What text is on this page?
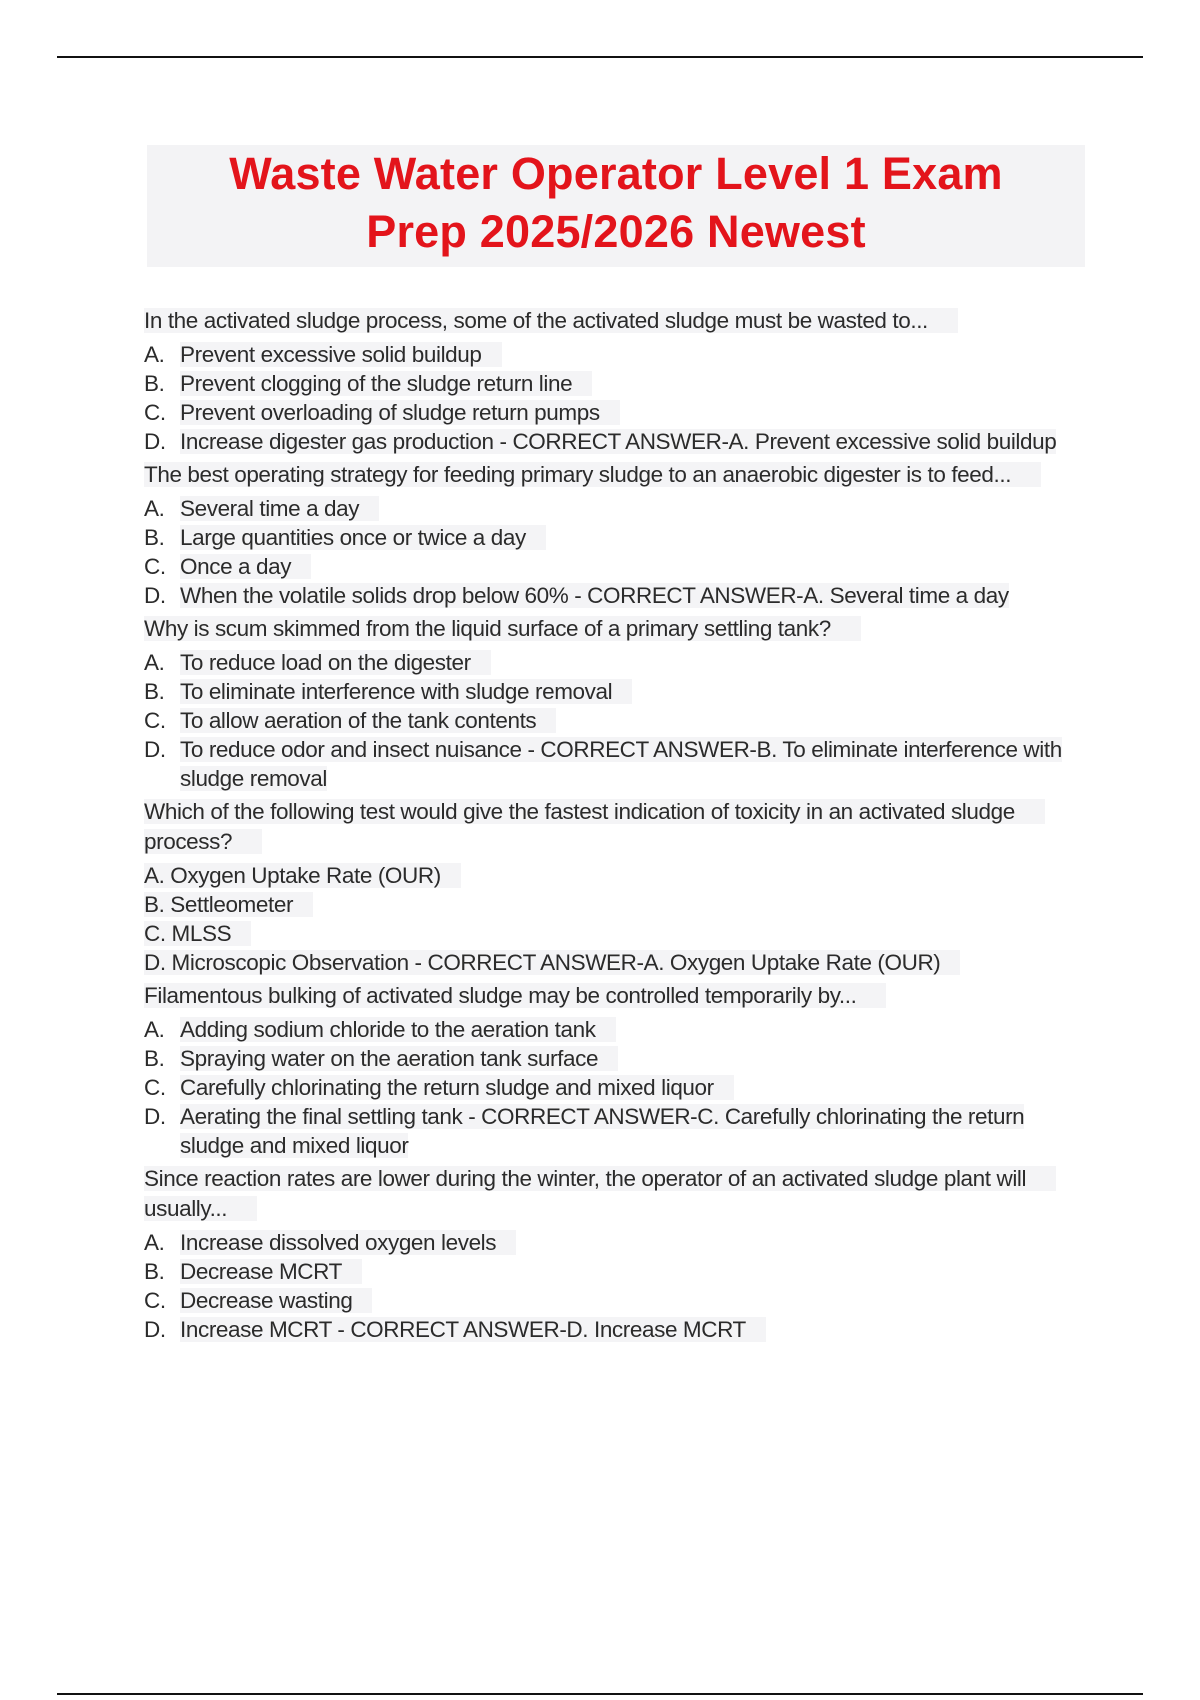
Waste Water Operator Level 1 Exam
Prep 2025/2026 Newest
In the activated sludge process, some of the activated sludge must be wasted to...
A. Prevent excessive solid buildup
B. Prevent clogging of the sludge return line
C. Prevent overloading of sludge return pumps
D. Increase digester gas production - CORRECT ANSWER-A. Prevent excessive solid buildup
The best operating strategy for feeding primary sludge to an anaerobic digester is to feed...
A. Several time a day
B. Large quantities once or twice a day
C. Once a day
D. When the volatile solids drop below 60% - CORRECT ANSWER-A. Several time a day
Why is scum skimmed from the liquid surface of a primary settling tank?
A. To reduce load on the digester
B. To eliminate interference with sludge removal
C. To allow aeration of the tank contents
D. To reduce odor and insect nuisance - CORRECT ANSWER-B. To eliminate interference with sludge removal
Which of the following test would give the fastest indication of toxicity in an activated sludge process?
A. Oxygen Uptake Rate (OUR)
B. Settleometer
C. MLSS
D. Microscopic Observation - CORRECT ANSWER-A. Oxygen Uptake Rate (OUR)
Filamentous bulking of activated sludge may be controlled temporarily by...
A. Adding sodium chloride to the aeration tank
B. Spraying water on the aeration tank surface
C. Carefully chlorinating the return sludge and mixed liquor
D. Aerating the final settling tank - CORRECT ANSWER-C. Carefully chlorinating the return sludge and mixed liquor
Since reaction rates are lower during the winter, the operator of an activated sludge plant will usually...
A. Increase dissolved oxygen levels
B. Decrease MCRT
C. Decrease wasting
D. Increase MCRT - CORRECT ANSWER-D. Increase MCRT
